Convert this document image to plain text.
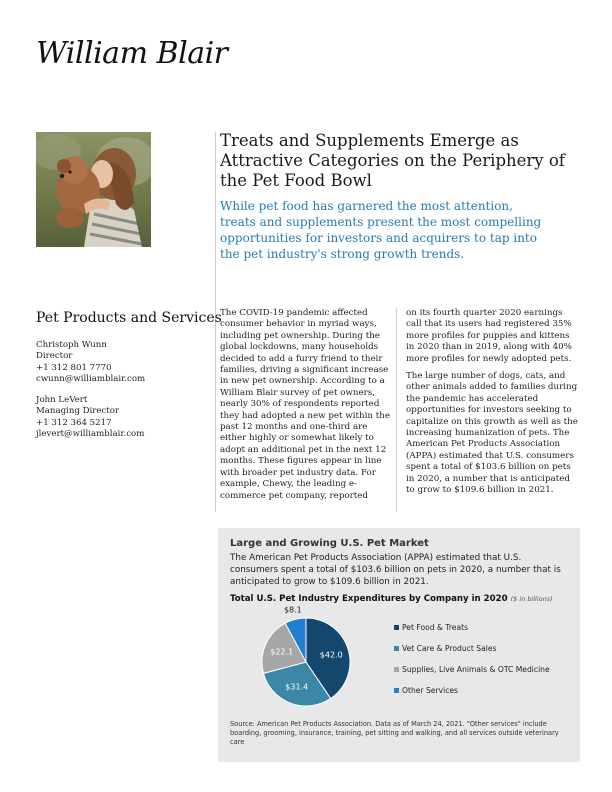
William Blair
Treats and Supplements Emerge as Attractive Categories on the Periphery of the Pet Food Bowl
While pet food has garnered the most attention, treats and supplements present the most compelling opportunities for investors and acquirers to tap into the pet industry's strong growth trends.
Pet Products and Services
Christoph Wunn
Director
+1 312 801 7770
cwunn@williamblair.com
John LeVert
Managing Director
+1 312 364 5217
jlevert@williamblair.com

The COVID-19 pandemic affected consumer behavior in myriad ways, including pet ownership. During the global lockdowns, many households decided to add a furry friend to their families, driving a significant increase in new pet ownership. According to a William Blair survey of pet owners, nearly 30% of respondents reported they had adopted a new pet within the past 12 months and one-third are either highly or somewhat likely to adopt an additional pet in the next 12 months. These figures appear in line with broader pet industry data. For example, Chewy, the leading e-commerce pet company, reported

on its fourth quarter 2020 earnings call that its users had registered 35% more profiles for puppies and kittens in 2020 than in 2019, along with 40% more profiles for newly adopted pets.

The large number of dogs, cats, and other animals added to families during the pandemic has accelerated opportunities for investors seeking to capitalize on this growth as well as the increasing humanization of pets. The American Pet Products Association (APPA) estimated that U.S. consumers spent a total of $103.6 billion on pets in 2020, a number that is anticipated to grow to $109.6 billion in 2021.

Large and Growing U.S. Pet Market
The American Pet Products Association (APPA) estimated that U.S. consumers spent a total of $103.6 billion on pets in 2020, a number that is anticipated to grow to $109.6 billion in 2021.
Total U.S. Pet Industry Expenditures by Company in 2020 ($ in billions)
$42.0
$31.4
$22.1
$8.1
Pet Food & Treats
Vet Care & Product Sales
Supplies, Live Animals & OTC Medicine
Other Services
Source: American Pet Products Association. Data as of March 24, 2021. "Other services" include boarding, grooming, insurance, training, pet sitting and walking, and all services outside veterinary care
